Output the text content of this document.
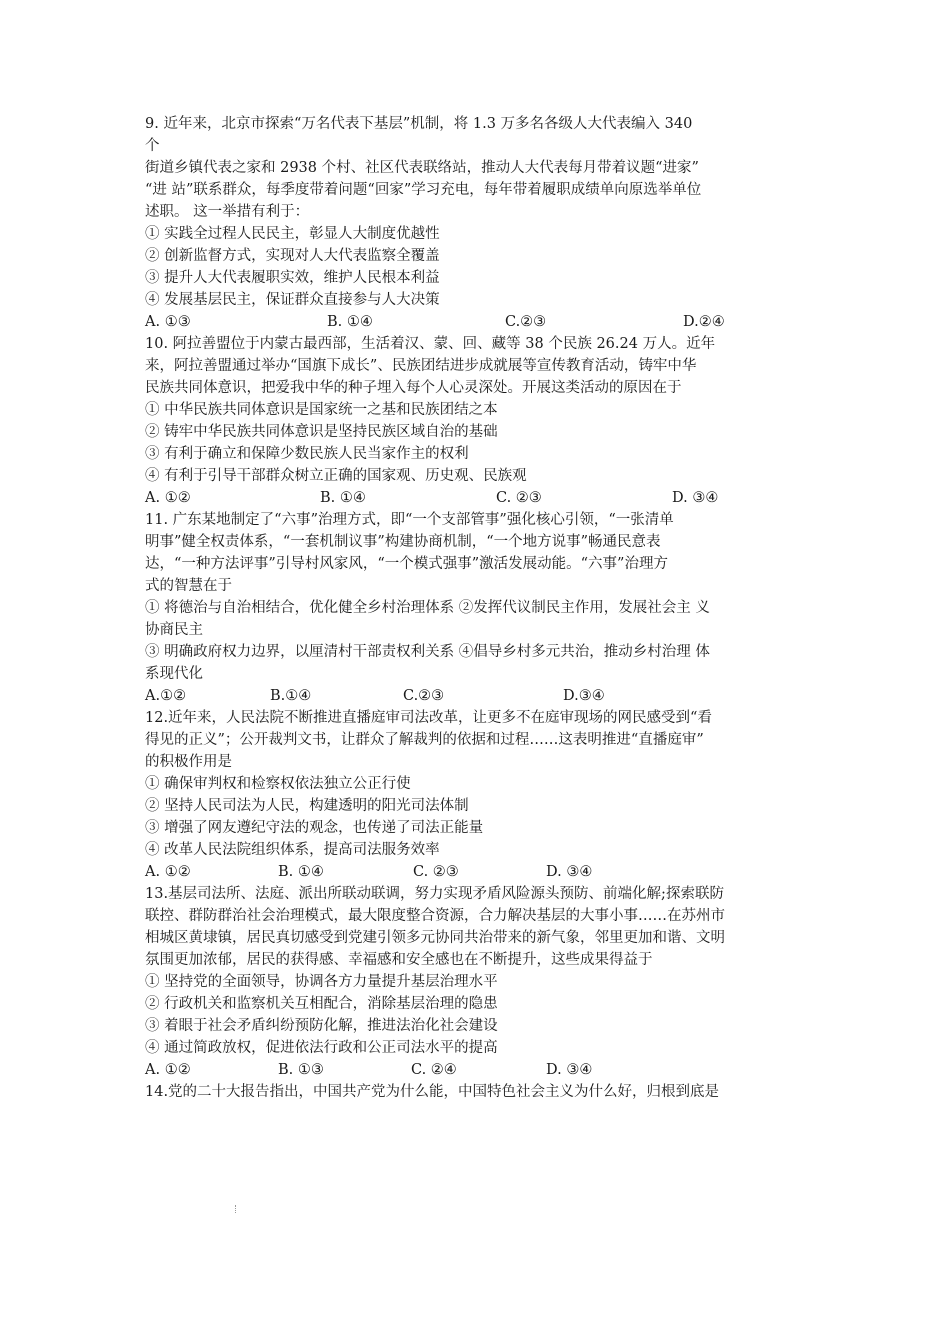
9. 近年来，北京市探索“万名代表下基层”机制，将 1.3 万多名各级人大代表编入 340
个
街道乡镇代表之家和 2938 个村、社区代表联络站，推动人大代表每月带着议题“进家”
“进 站”联系群众，每季度带着问题“回家”学习充电，每年带着履职成绩单向原选举单位
述职。 这一举措有利于：
① 实践全过程人民民主，彰显人大制度优越性
② 创新监督方式，实现对人大代表监察全覆盖
③ 提升人大代表履职实效，维护人民根本利益
④ 发展基层民主，保证群众直接参与人大决策
A. ①③	B. ①④	C.②③	D.②④
10. 阿拉善盟位于内蒙古最西部，生活着汉、蒙、回、藏等 38 个民族 26.24 万人。近年
来，阿拉善盟通过举办“国旗下成长”、民族团结进步成就展等宣传教育活动，铸牢中华
民族共同体意识，把爱我中华的种子埋入每个人心灵深处。开展这类活动的原因在于
① 中华民族共同体意识是国家统一之基和民族团结之本
② 铸牢中华民族共同体意识是坚持民族区域自治的基础
③ 有利于确立和保障少数民族人民当家作主的权利
④ 有利于引导干部群众树立正确的国家观、历史观、民族观
A. ①②	B. ①④	C. ②③	D. ③④
11. 广东某地制定了“六事”治理方式，即“一个支部管事”强化核心引领，“一张清单
明事”健全权责体系，“一套机制议事”构建协商机制，“一个地方说事”畅通民意表
达，“一种方法评事”引导村风家风，“一个模式强事”激活发展动能。“六事”治理方
式的智慧在于
① 将德治与自治相结合，优化健全乡村治理体系 ②发挥代议制民主作用，发展社会主 义
协商民主
③ 明确政府权力边界，以厘清村干部责权利关系 ④倡导乡村多元共治，推动乡村治理 体
系现代化
A.①②	B.①④	C.②③	D.③④
12.近年来，人民法院不断推进直播庭审司法改革，让更多不在庭审现场的网民感受到“看
得见的正义”；公开裁判文书，让群众了解裁判的依据和过程……这表明推进“直播庭审”
的积极作用是
① 确保审判权和检察权依法独立公正行使
② 坚持人民司法为人民，构建透明的阳光司法体制
③ 增强了网友遵纪守法的观念，也传递了司法正能量
④ 改革人民法院组织体系，提高司法服务效率
A. ①②	B. ①④	C. ②③	D. ③④
13.基层司法所、法庭、派出所联动联调，努力实现矛盾风险源头预防、前端化解;探索联防
联控、群防群治社会治理模式，最大限度整合资源，合力解决基层的大事小事……在苏州市
相城区黄埭镇，居民真切感受到党建引领多元协同共治带来的新气象，邻里更加和谐、文明
氛围更加浓郁，居民的获得感、幸福感和安全感也在不断提升，这些成果得益于
① 坚持党的全面领导，协调各方力量提升基层治理水平
② 行政机关和监察机关互相配合，消除基层治理的隐患
③ 着眼于社会矛盾纠纷预防化解，推进法治化社会建设
④ 通过简政放权，促进依法行政和公正司法水平的提高
A. ①②	B. ①③	C. ②④	D. ③④
14.党的二十大报告指出，中国共产党为什么能，中国特色社会主义为什么好，归根到底是
